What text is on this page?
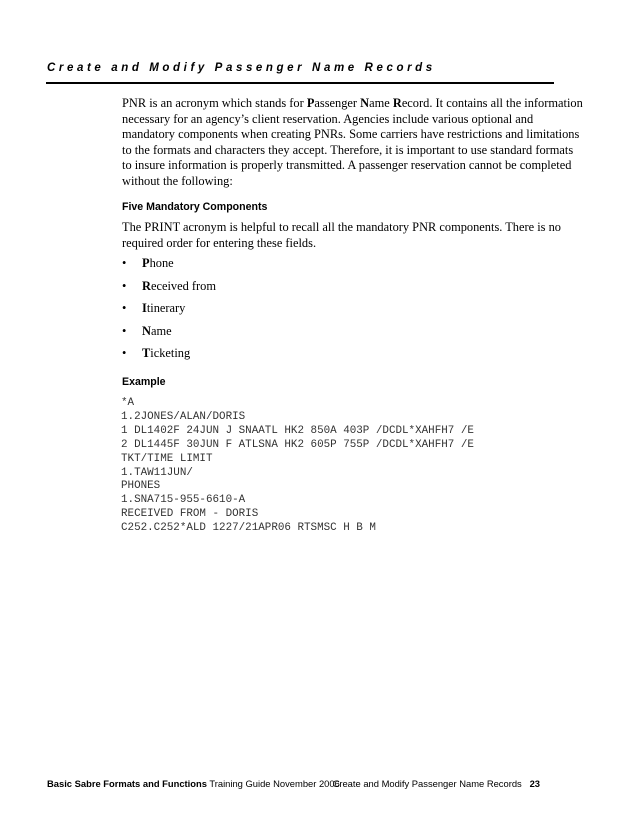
Create and Modify Passenger Name Records

PNR is an acronym which stands for Passenger Name Record. It contains all the information
necessary for an agency’s client reservation. Agencies include various optional and
mandatory components when creating PNRs. Some carriers have restrictions and limitations
to the formats and characters they accept. Therefore, it is important to use standard formats
to insure information is properly transmitted. A passenger reservation cannot be completed
without the following:

Five Mandatory Components

The PRINT acronym is helpful to recall all the mandatory PNR components. There is no
required order for entering these fields.

• Phone
• Received from
• Itinerary
• Name
• Ticketing
Example
*A
1.2JONES/ALAN/DORIS
1 DL1402F 24JUN J SNAATL HK2 850A 403P /DCDL*XAHFH7 /E
2 DL1445F 30JUN F ATLSNA HK2 605P 755P /DCDL*XAHFH7 /E
TKT/TIME LIMIT
1.TAW11JUN/
PHONES
1.SNA715-955-6610-A
RECEIVED FROM - DORIS
C252.C252*ALD 1227/21APR06 RTSMSC H B M
Basic Sabre Formats and Functions Training Guide November 2006
Create and Modify Passenger Name Records 23
